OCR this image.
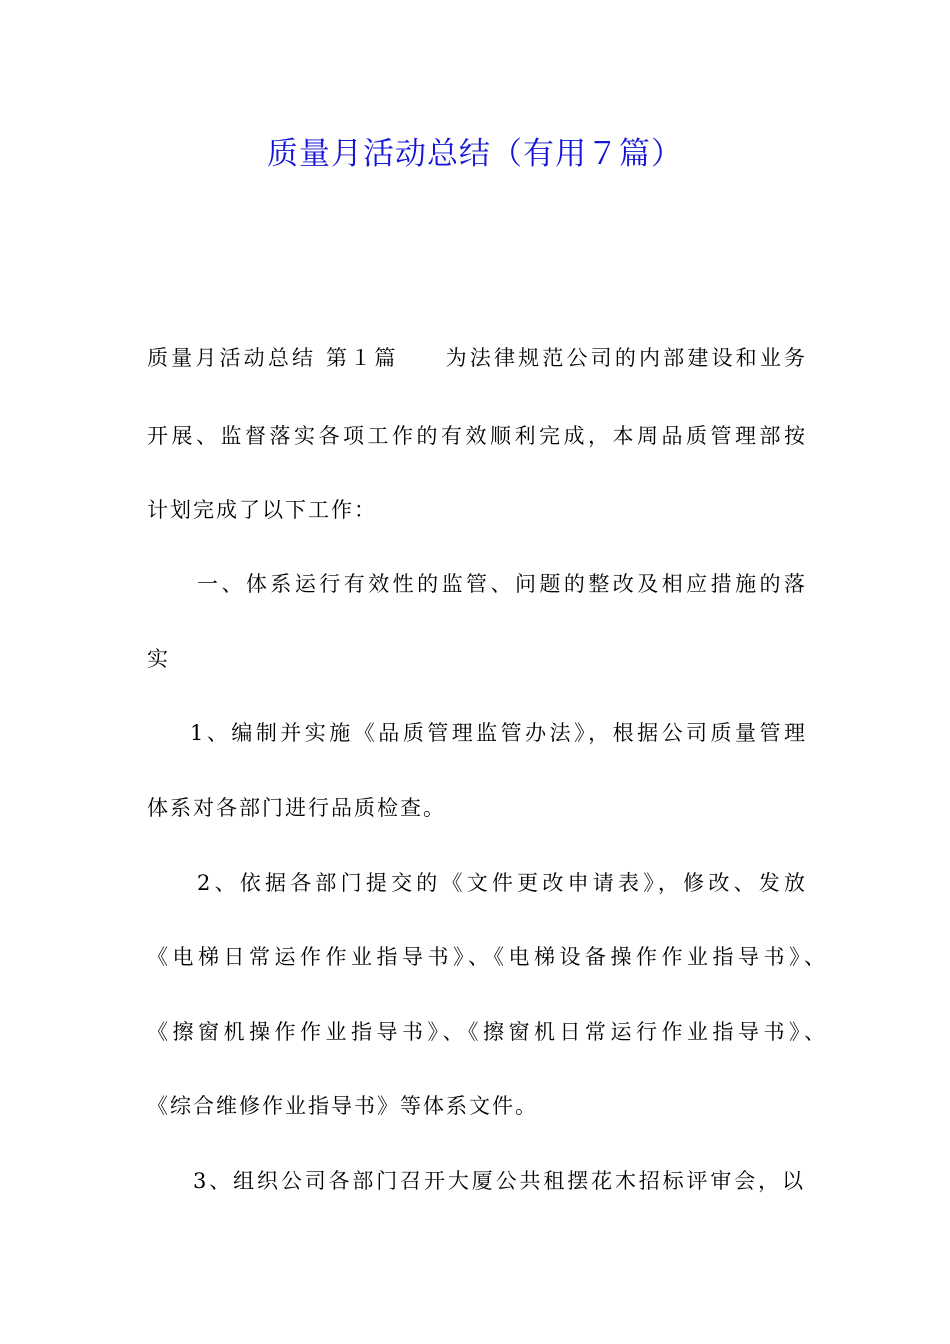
质量月活动总结（有用７篇）
质量月活动总结 第１篇 为法律规范公司的内部建设和业务
开展、监督落实各项工作的有效顺利完成，本周品质管理部按
计划完成了以下工作：
一、体系运行有效性的监管、问题的整改及相应措施的落
实
1、编制并实施《品质管理监管办法》，根据公司质量管理
体系对各部门进行品质检查。
2、依据各部门提交的《文件更改申请表》，修改、发放
《电梯日常运作作业指导书》、《电梯设备操作作业指导书》、
《擦窗机操作作业指导书》、《擦窗机日常运行作业指导书》、
《综合维修作业指导书》等体系文件。
3、组织公司各部门召开大厦公共租摆花木招标评审会，以
